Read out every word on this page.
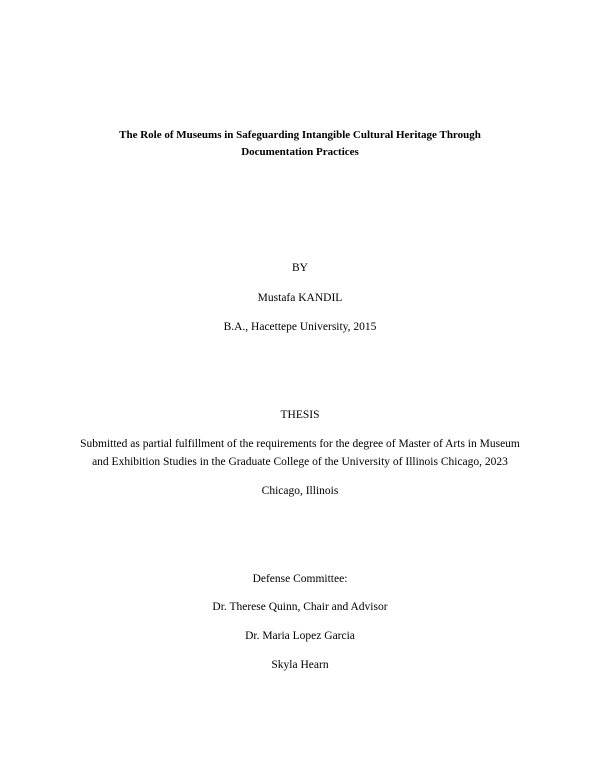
The Role of Museums in Safeguarding Intangible Cultural Heritage Through
Documentation Practices
BY
Mustafa KANDIL
B.A., Hacettepe University, 2015
THESIS
Submitted as partial fulfillment of the requirements for the degree of Master of Arts in Museum
and Exhibition Studies in the Graduate College of the University of Illinois Chicago, 2023
Chicago, Illinois
Defense Committee:
Dr. Therese Quinn, Chair and Advisor
Dr. Maria Lopez Garcia
Skyla Hearn
